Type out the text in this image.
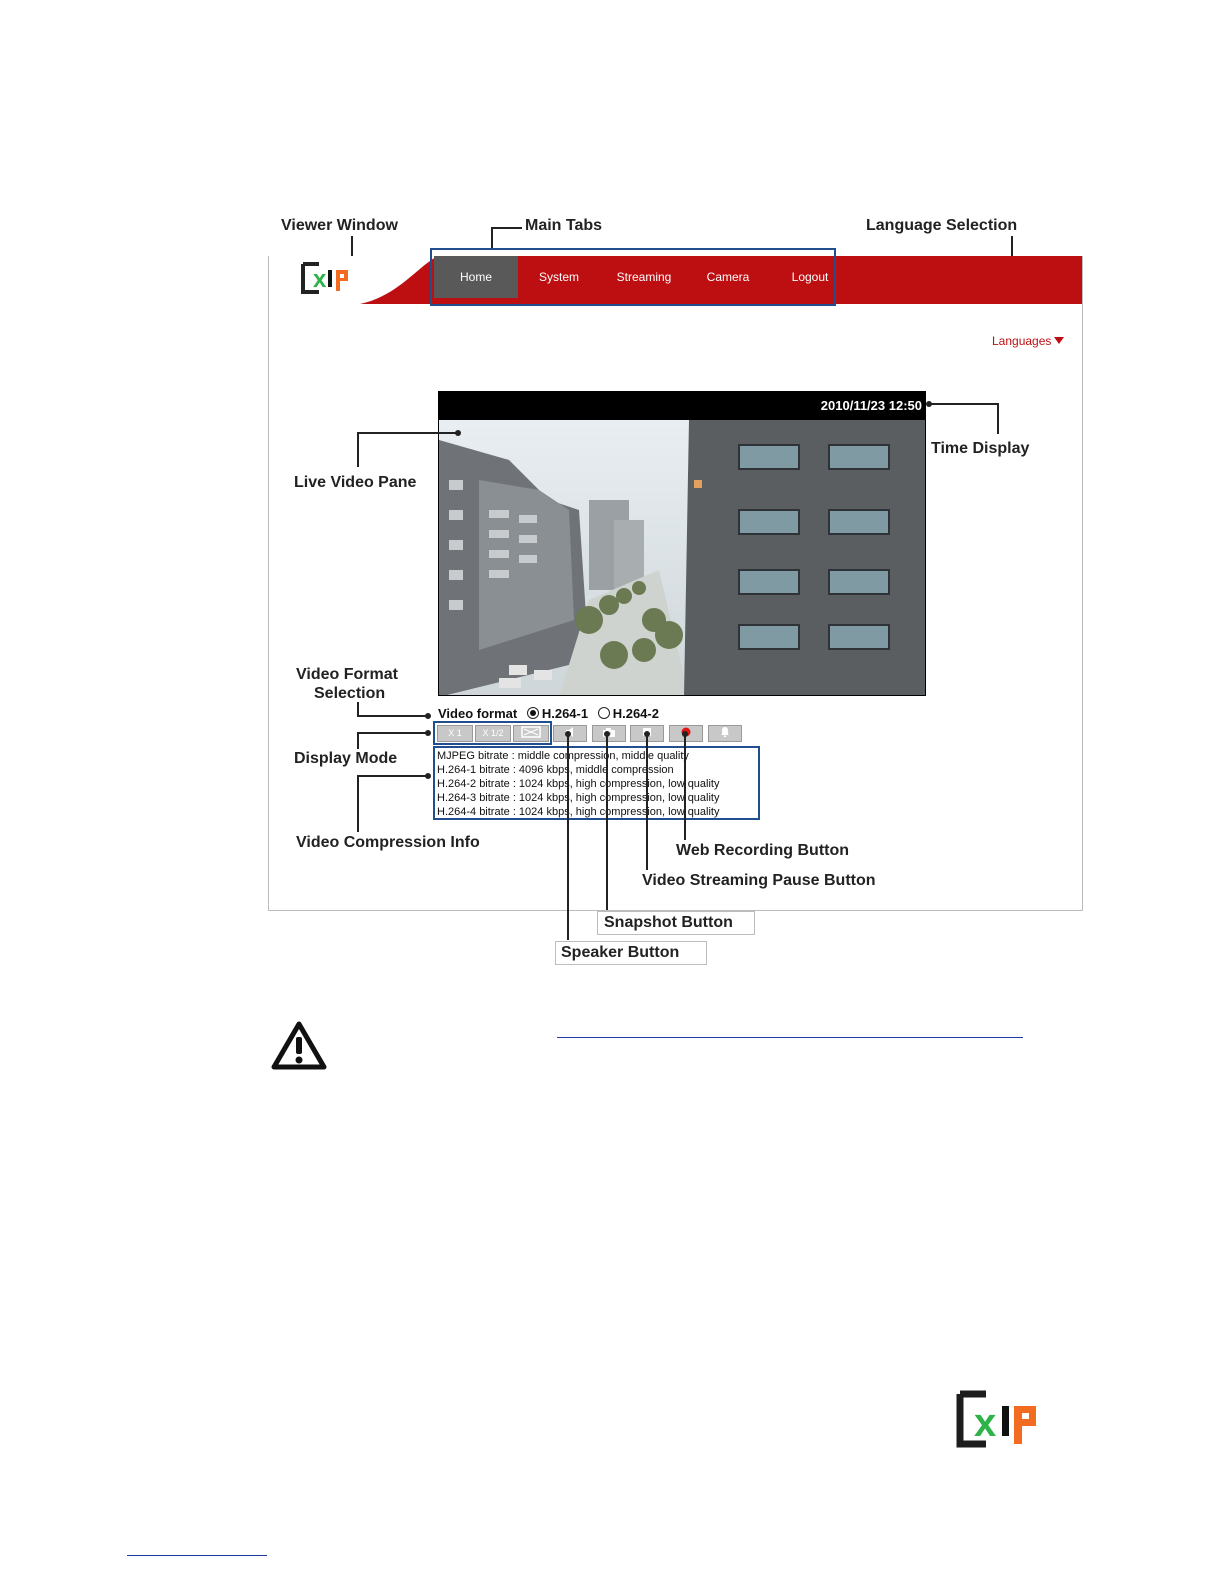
Viewer Window	Main Tabs	Language Selection
x	Home	System	Streaming	Camera	Logout
Languages
2010/11/23 12:50
Video format H.264-1 H.264-2
X 1	X 1/2
MJPEG bitrate : middle compression, middle quality
H.264-1 bitrate : 4096 kbps, middle compression
H.264-2 bitrate : 1024 kbps, high compression, low quality
H.264-3 bitrate : 1024 kbps, high compression, low quality
H.264-4 bitrate : 1024 kbps, high compression, low quality
Time Display
Live Video Pane
Video Format
Selection
Display Mode
Video Compression Info	Web Recording Button
Video Streaming Pause Button
Snapshot Button
Speaker Button
x
